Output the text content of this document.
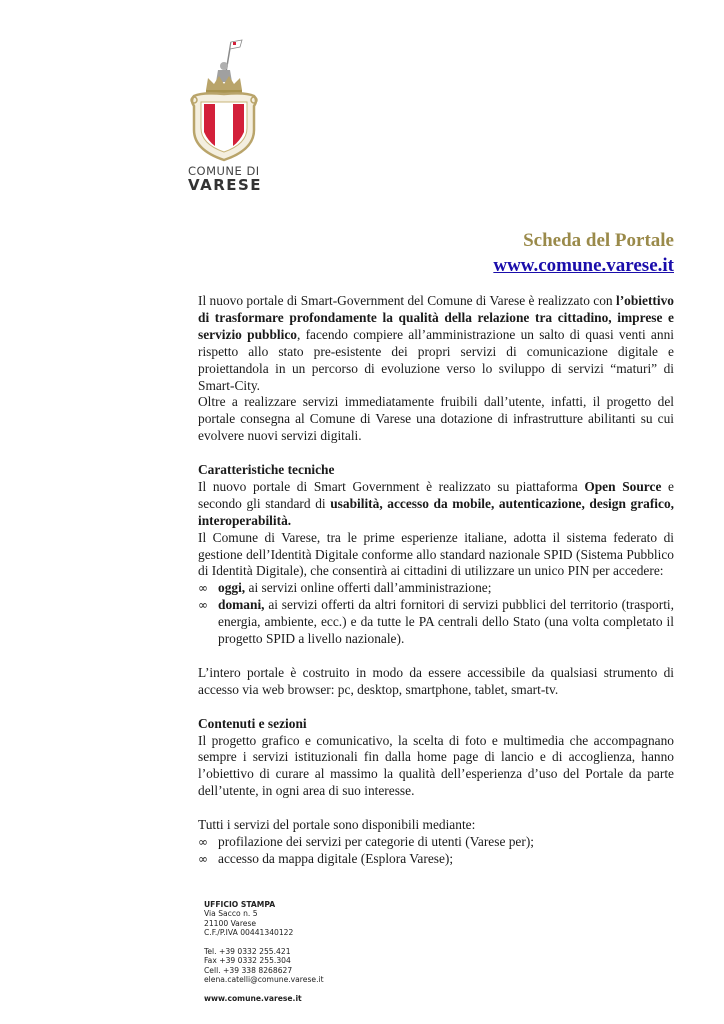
COMUNE DI
VARESE
Scheda del Portale
www.comune.varese.it

Il nuovo portale di Smart-Government del Comune di Varese è realizzato con l’obiettivo di trasformare profondamente la qualità della relazione tra cittadino, imprese e servizio pubblico, facendo compiere all’amministrazione un salto di quasi venti anni rispetto allo stato pre-esistente dei propri servizi di comunicazione digitale e proiettandola in un percorso di evoluzione verso lo sviluppo di servizi “maturi” di Smart-City.

Oltre a realizzare servizi immediatamente fruibili dall’utente, infatti, il progetto del portale consegna al Comune di Varese una dotazione di infrastrutture abilitanti su cui evolvere nuovi servizi digitali.

Caratteristiche tecniche

Il nuovo portale di Smart Government è realizzato su piattaforma Open Source e secondo gli standard di usabilità, accesso da mobile, autenticazione, design grafico, interoperabilità.

Il Comune di Varese, tra le prime esperienze italiane, adotta il sistema federato di gestione dell’Identità Digitale conforme allo standard nazionale SPID (Sistema Pubblico di Identità Digitale), che consentirà ai cittadini di utilizzare un unico PIN per accedere:

∞ oggi, ai servizi online offerti dall’amministrazione;
∞ domani, ai servizi offerti da altri fornitori di servizi pubblici del territorio (trasporti, energia, ambiente, ecc.) e da tutte le PA centrali dello Stato (una volta completato il progetto SPID a livello nazionale).

L’intero portale è costruito in modo da essere accessibile da qualsiasi strumento di accesso via web browser: pc, desktop, smartphone, tablet, smart-tv.

Contenuti e sezioni

Il progetto grafico e comunicativo, la scelta di foto e multimedia che accompagnano sempre i servizi istituzionali fin dalla home page di lancio e di accoglienza, hanno l’obiettivo di curare al massimo la qualità dell’esperienza d’uso del Portale da parte dell’utente, in ogni area di suo interesse.

Tutti i servizi del portale sono disponibili mediante:

∞ profilazione dei servizi per categorie di utenti (Varese per);
∞ accesso da mappa digitale (Esplora Varese);
UFFICIO STAMPA
Via Sacco n. 5
21100 Varese
C.F./P.IVA 00441340122
Tel. +39 0332 255.421
Fax +39 0332 255.304
Cell. +39 338 8268627
elena.catelli@comune.varese.it
www.comune.varese.it
